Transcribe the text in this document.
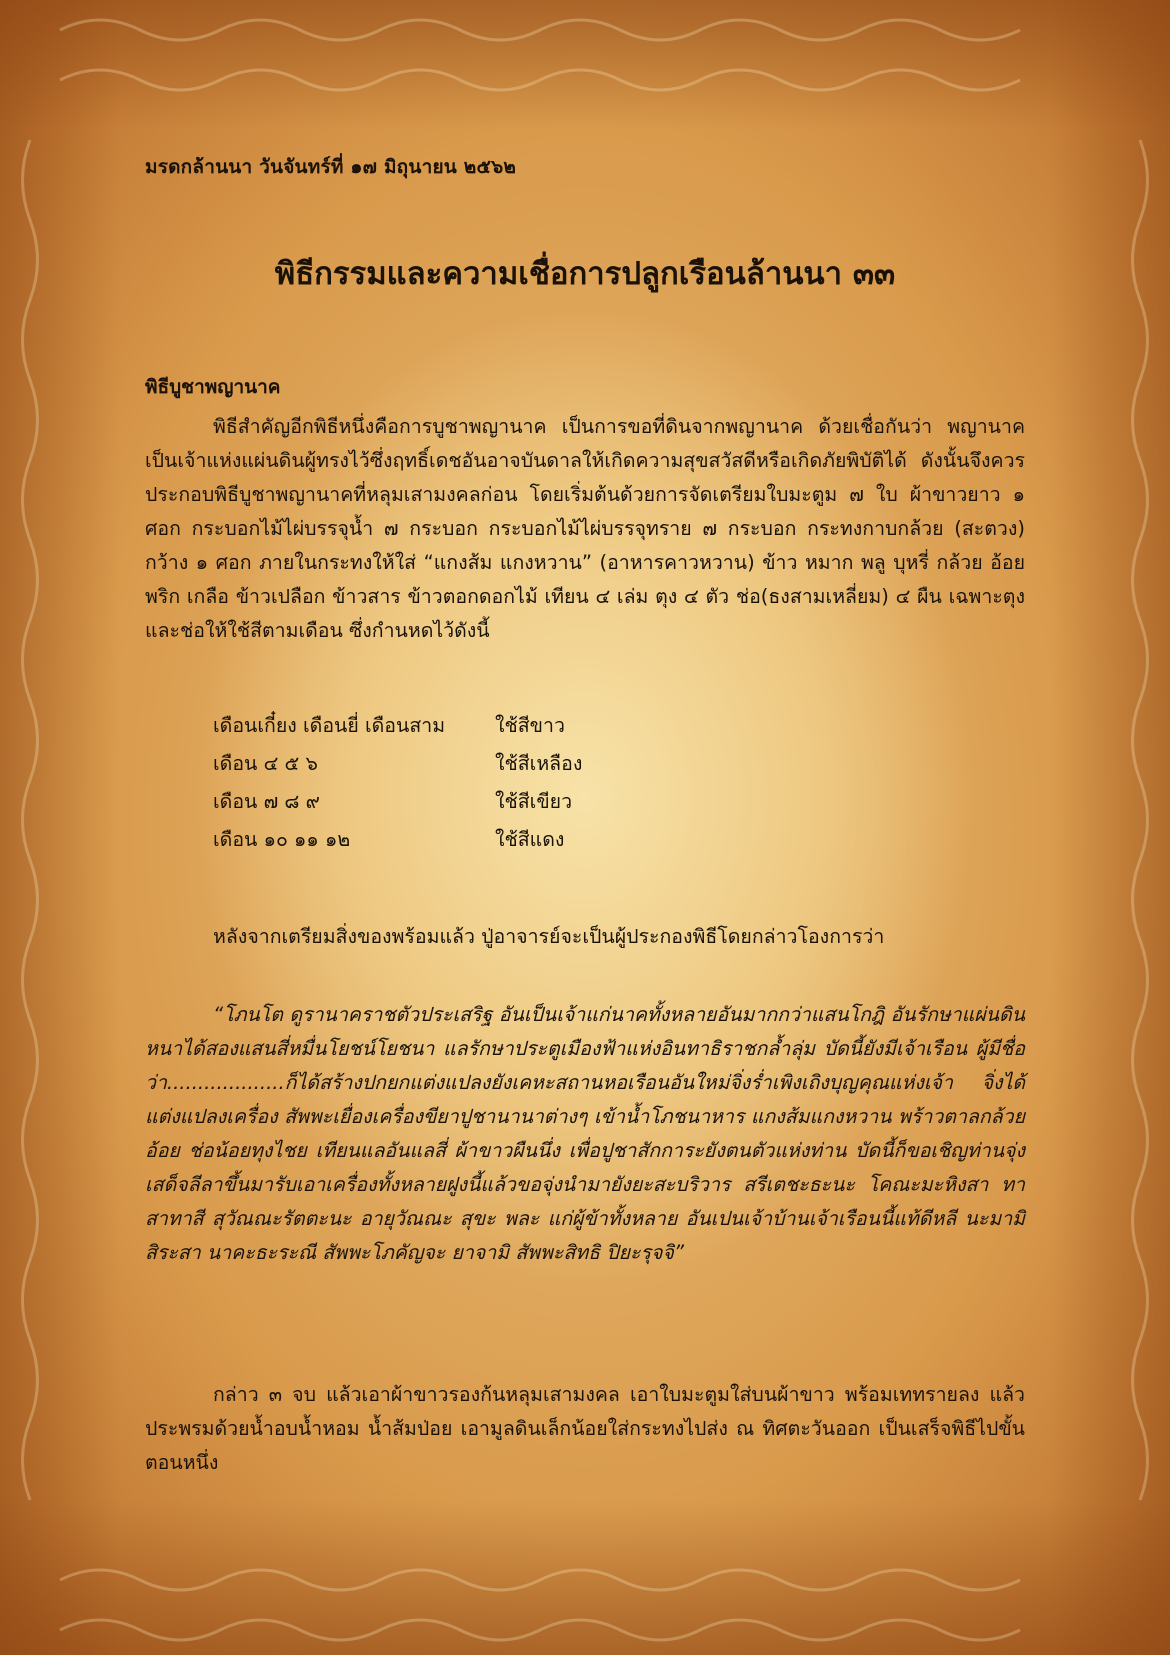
มรดกล้านนา วันจันทร์ที่ ๑๗ มิถุนายน ๒๕๖๒
พิธีกรรมและความเชื่อการปลูกเรือนล้านนา ๓๓
พิธีบูชาพญานาค

พิธีสำคัญอีกพิธีหนึ่งคือการบูชาพญานาค เป็นการขอที่ดินจากพญานาค ด้วยเชื่อกันว่า พญานาคเป็นเจ้าแห่งแผ่นดินผู้ทรงไว้ซึ่งฤทธิ์เดชอันอาจบันดาลให้เกิดความสุขสวัสดีหรือเกิดภัยพิบัติได้ ดังนั้นจึงควรประกอบพิธีบูชาพญานาคที่หลุมเสามงคลก่อน โดยเริ่มต้นด้วยการจัดเตรียมใบมะตูม ๗ ใบ ผ้าขาวยาว ๑ ศอก กระบอกไม้ไผ่บรรจุน้ำ ๗ กระบอก กระบอกไม้ไผ่บรรจุทราย ๗ กระบอก กระทงกาบกล้วย (สะตวง) กว้าง ๑ ศอก ภายในกระทงให้ใส่ “แกงส้ม แกงหวาน” (อาหารคาวหวาน) ข้าว หมาก พลู บุหรี่ กล้วย อ้อย พริก เกลือ ข้าวเปลือก ข้าวสาร ข้าวตอกดอกไม้ เทียน ๔ เล่ม ตุง ๔ ตัว ช่อ(ธงสามเหลี่ยม) ๔ ผืน เฉพาะตุงและช่อให้ใช้สีตามเดือน ซึ่งกำนหดไว้ดังนี้

เดือนเกี๋ยง เดือนยี่ เดือนสาม	ใช้สีขาว
เดือน ๔ ๕ ๖	ใช้สีเหลือง
เดือน ๗ ๘ ๙	ใช้สีเขียว
เดือน ๑๐ ๑๑ ๑๒	ใช้สีแดง

หลังจากเตรียมสิ่งของพร้อมแล้ว ปู่อาจารย์จะเป็นผู้ประกองพิธีโดยกล่าวโองการว่า

“โภนโต ดูรานาคราชตัวประเสริฐ อันเป็นเจ้าแก่นาคทั้งหลายอันมากกว่าแสนโกฎิ อันรักษาแผ่นดินหนาได้สองแสนสี่หมื่นโยชน์โยชนา แลรักษาประตูเมืองฟ้าแห่งอินทาธิราชกล้ำลุ่ม บัดนี้ยังมีเจ้าเรือน ผู้มีชื่อว่า...................ก็ได้สร้างปกยกแต่งแปลงยังเคหะสถานหอเรือนอันใหม่จิ่งร่ำเพิงเถิงบุญคุณแห่งเจ้า จิ่งได้แต่งแปลงเครื่อง สัพพะเยื่องเครื่องขียาปูชานานาต่างๆ เข้าน้ำโภชนาหาร แกงส้มแกงหวาน พร้าวตาลกล้วยอ้อย ช่อน้อยทุงไชย เทียนแลอันแลสี่ ผ้าขาวผืนนึ่ง เพื่อปูชาสักการะยังตนตัวแห่งท่าน บัดนี้ก็ขอเชิญท่านจุ่งเสด็จลีลาขึ้นมารับเอาเครื่องทั้งหลายฝูงนี้แล้วขอจุ่งนำมายังยะสะบริวาร สรีเตชะธะนะ โคณะมะหิงสา ทาสาทาสี สุวัณณะรัตตะนะ อายุวัณณะ สุขะ พละ แก่ผู้ข้าทั้งหลาย อันเปนเจ้าบ้านเจ้าเรือนนี้แท้ดีหลี นะมามิ สิระสา นาคะธะระณี สัพพะโภคัญจะ ยาจามิ สัพพะสิทธิ ปิยะรุจจิ”

กล่าว ๓ จบ แล้วเอาผ้าขาวรองก้นหลุมเสามงคล เอาใบมะตูมใส่บนผ้าขาว พร้อมเททรายลง แล้วประพรมด้วยน้ำอบน้ำหอม น้ำส้มป่อย เอามูลดินเล็กน้อยใส่กระทงไปส่ง ณ ทิศตะวันออก เป็นเสร็จพิธีไปขั้นตอนหนึ่ง
